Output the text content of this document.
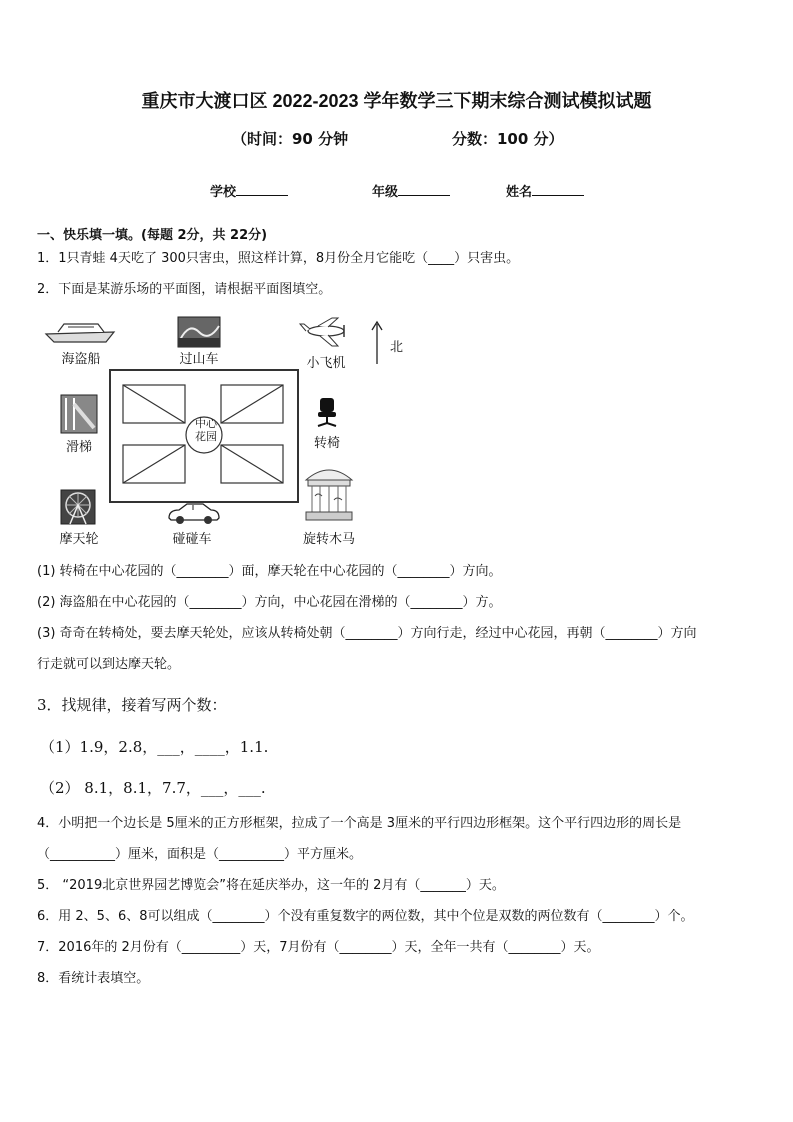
重庆市大渡口区 2022-2023 学年数学三下期末综合测试模拟试题
（时间：90 分钟	分数：100 分）
学校	年级	姓名
一、快乐填一填。(每题 2分，共 22分)
1．1只青蛙 4天吃了 300只害虫，照这样计算，8月份全月它能吃（____）只害虫。
2．下面是某游乐场的平面图，请根据平面图填空。
海盗船	过山车	小飞机
北
滑梯
摩天轮	碰碰车
转椅
旋转木马
中心
花园
(1) 转椅在中心花园的（________）面，摩天轮在中心花园的（________）方向。
(2) 海盗船在中心花园的（________）方向，中心花园在滑梯的（________）方。
(3) 奇奇在转椅处，要去摩天轮处，应该从转椅处朝（________）方向行走，经过中心花园，再朝（________）方向
行走就可以到达摩天轮。
3．找规律，接着写两个数：
（1）1.9，2.8，___，____，1.1.
（2） 8.1，8.1，7.7，___，___.
4．小明把一个边长是 5厘米的正方形框架，拉成了一个高是 3厘米的平行四边形框架。这个平行四边形的周长是
（__________）厘米，面积是（__________）平方厘米。
5． “2019北京世界园艺博览会”将在延庆举办，这一年的 2月有（_______）天。
6．用 2、5、6、8可以组成（________）个没有重复数字的两位数，其中个位是双数的两位数有（________）个。
7．2016年的 2月份有（_________）天，7月份有（________）天，全年一共有（________）天。
8．看统计表填空。
